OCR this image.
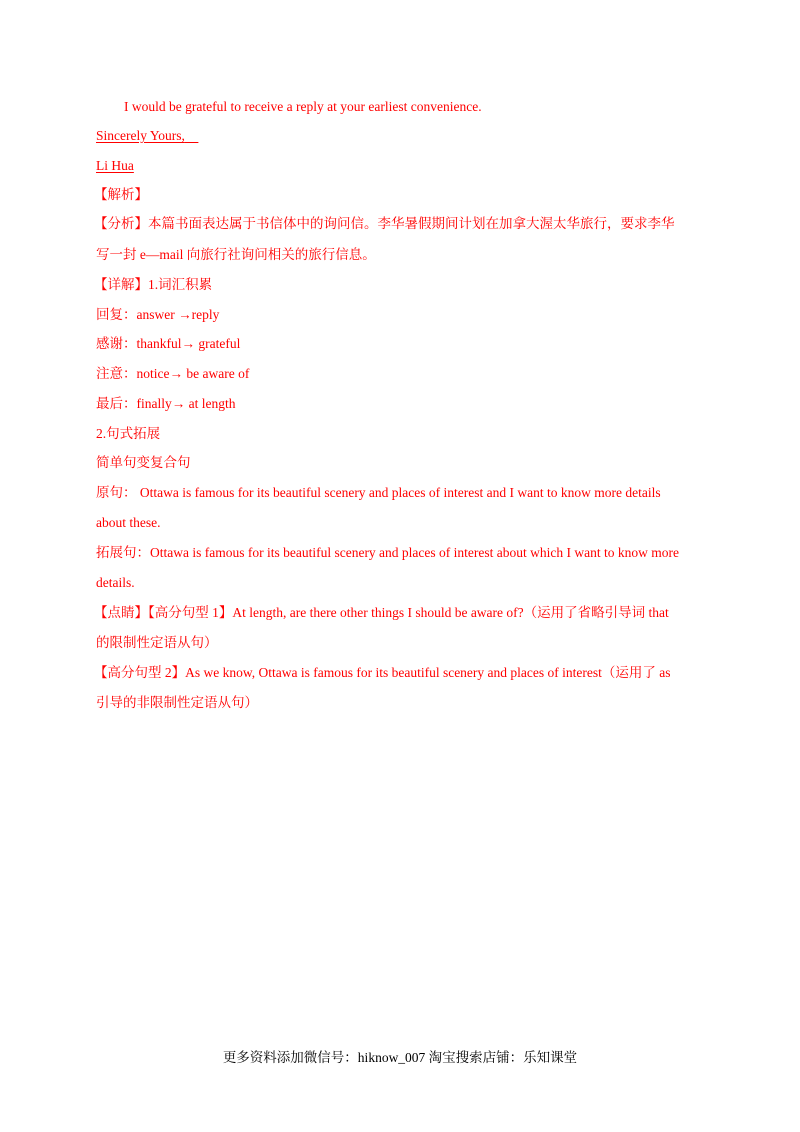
I would be grateful to receive a reply at your earliest convenience.
Sincerely Yours,
Li Hua
【解析】
【分析】本篇书面表达属于书信体中的询问信。李华暑假期间计划在加拿大渥太华旅行，要求李华
写一封 e—mail 向旅行社询问相关的旅行信息。
【详解】1.词汇积累
回复：answer →reply
感谢：thankful→ grateful
注意：notice→ be aware of
最后：finally→ at length
2.句式拓展
简单句变复合句
原句： Ottawa is famous for its beautiful scenery and places of interest and I want to know more details
about these.
拓展句：Ottawa is famous for its beautiful scenery and places of interest about which I want to know more
details.
【点睛】【高分句型 1】At length, are there other things I should be aware of?（运用了省略引导词 that
的限制性定语从句）
【高分句型 2】As we know, Ottawa is famous for its beautiful scenery and places of interest（运用了 as
引导的非限制性定语从句）
更多资料添加微信号：hiknow_007 淘宝搜索店铺：乐知课堂
